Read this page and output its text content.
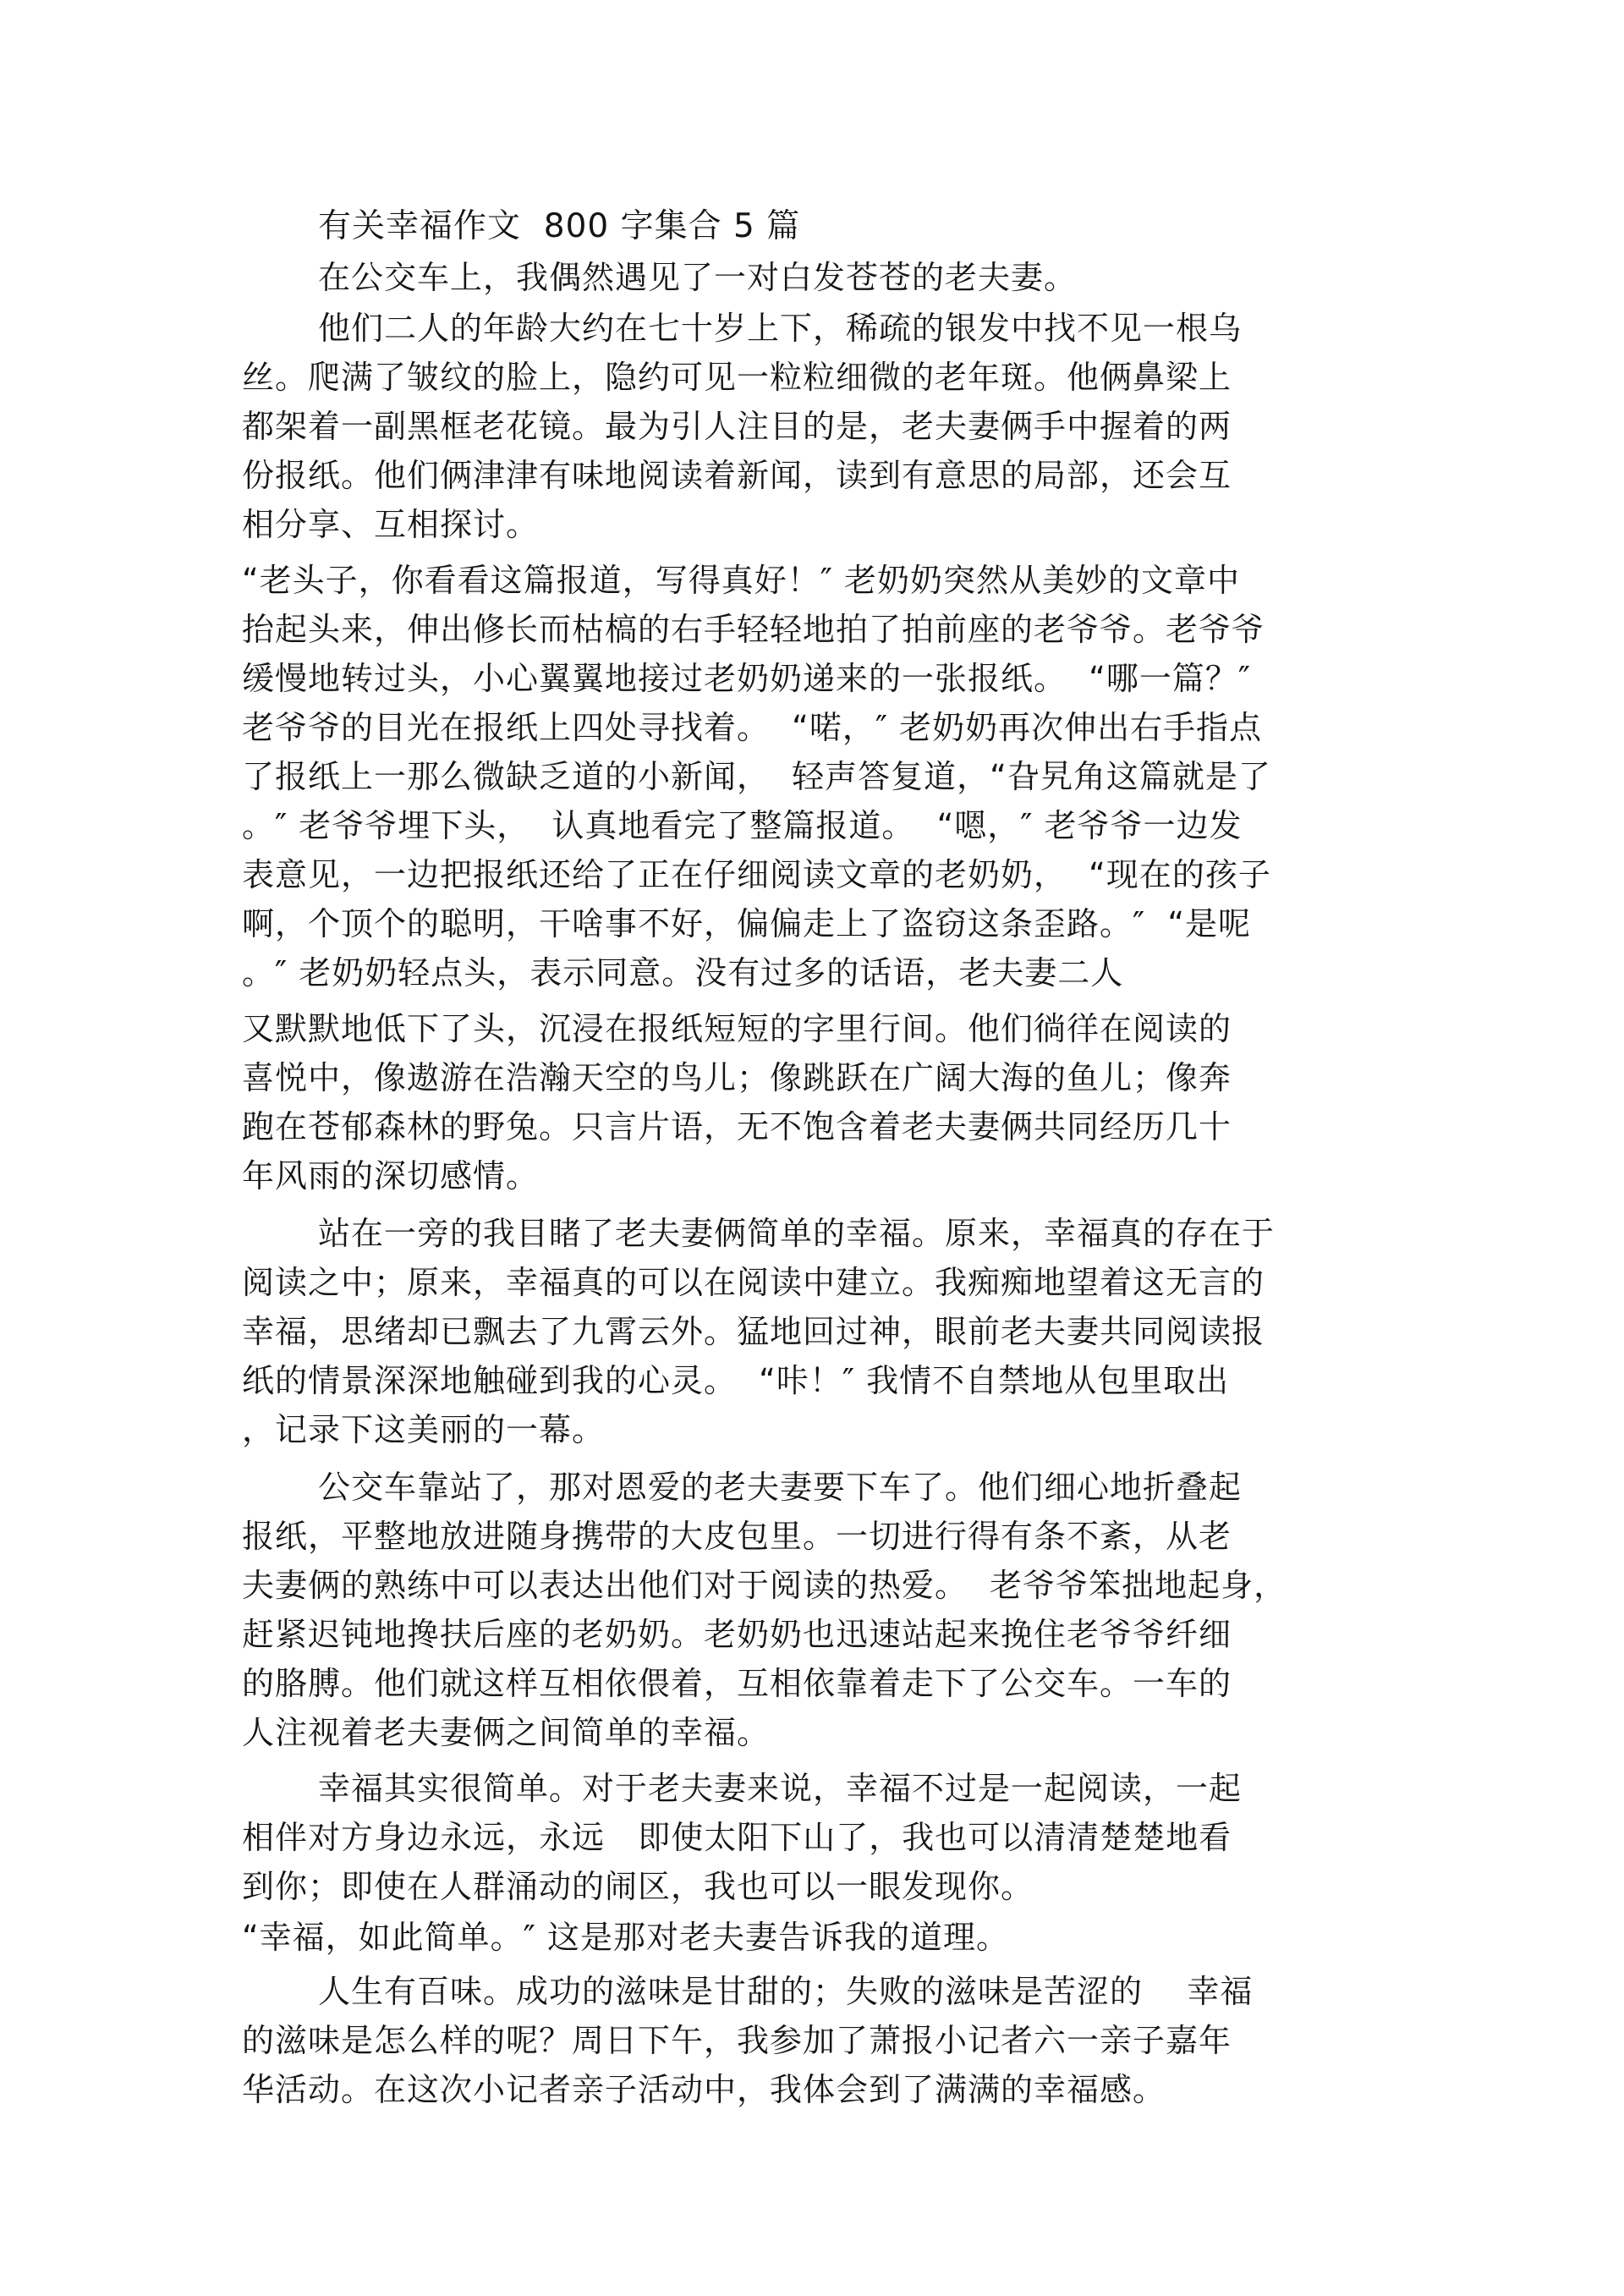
有关幸福作文  800 字集合 5 篇
在公交车上，我偶然遇见了一对白发苍苍的老夫妻。
他们二人的年龄大约在七十岁上下，稀疏的银发中找不见一根乌
丝。爬满了皱纹的脸上，隐约可见一粒粒细微的老年斑。他俩鼻梁上
都架着一副黑框老花镜。最为引人注目的是，老夫妻俩手中握着的两
份报纸。他们俩津津有味地阅读着新闻，读到有意思的局部，还会互
相分享、互相探讨。
“老头子，你看看这篇报道，写得真好！″ 老奶奶突然从美妙的文章中
抬起头来，伸出修长而枯槁的右手轻轻地拍了拍前座的老爷爷。老爷爷
缓慢地转过头，小心翼翼地接过老奶奶递来的一张报纸。  “哪一篇？″
老爷爷的目光在报纸上四处寻找着。  “喏，″ 老奶奶再次伸出右手指点
了报纸上一那么微缺乏道的小新闻，  轻声答复道，“旮旯角这篇就是了
。″ 老爷爷埋下头，  认真地看完了整篇报道。  “嗯，″ 老爷爷一边发
表意见，一边把报纸还给了正在仔细阅读文章的老奶奶，  “现在的孩子
啊，个顶个的聪明，干啥事不好，偏偏走上了盗窃这条歪路。″  “是呢
。″ 老奶奶轻点头，表示同意。没有过多的话语，老夫妻二人
又默默地低下了头，沉浸在报纸短短的字里行间。他们徜徉在阅读的
喜悦中，像遨游在浩瀚天空的鸟儿；像跳跃在广阔大海的鱼儿；像奔
跑在苍郁森林的野兔。只言片语，无不饱含着老夫妻俩共同经历几十
年风雨的深切感情。
站在一旁的我目睹了老夫妻俩简单的幸福。原来，幸福真的存在于
阅读之中；原来，幸福真的可以在阅读中建立。我痴痴地望着这无言的
幸福，思绪却已飘去了九霄云外。猛地回过神，眼前老夫妻共同阅读报
纸的情景深深地触碰到我的心灵。  “咔！″ 我情不自禁地从包里取出
，记录下这美丽的一幕。
公交车靠站了，那对恩爱的老夫妻要下车了。他们细心地折叠起
报纸，平整地放进随身携带的大皮包里。一切进行得有条不紊，从老
夫妻俩的熟练中可以表达出他们对于阅读的热爱。  老爷爷笨拙地起身，
赶紧迟钝地搀扶后座的老奶奶。老奶奶也迅速站起来挽住老爷爷纤细
的胳膊。他们就这样互相依偎着，互相依靠着走下了公交车。一车的
人注视着老夫妻俩之间简单的幸福。
幸福其实很简单。对于老夫妻来说，幸福不过是一起阅读，一起
相伴对方身边永远，永远   即使太阳下山了，我也可以清清楚楚地看
到你；即使在人群涌动的闹区，我也可以一眼发现你。
“幸福，如此简单。″ 这是那对老夫妻告诉我的道理。
人生有百味。成功的滋味是甘甜的；失败的滋味是苦涩的    幸福
的滋味是怎么样的呢？周日下午，我参加了萧报小记者六一亲子嘉年
华活动。在这次小记者亲子活动中，我体会到了满满的幸福感。
